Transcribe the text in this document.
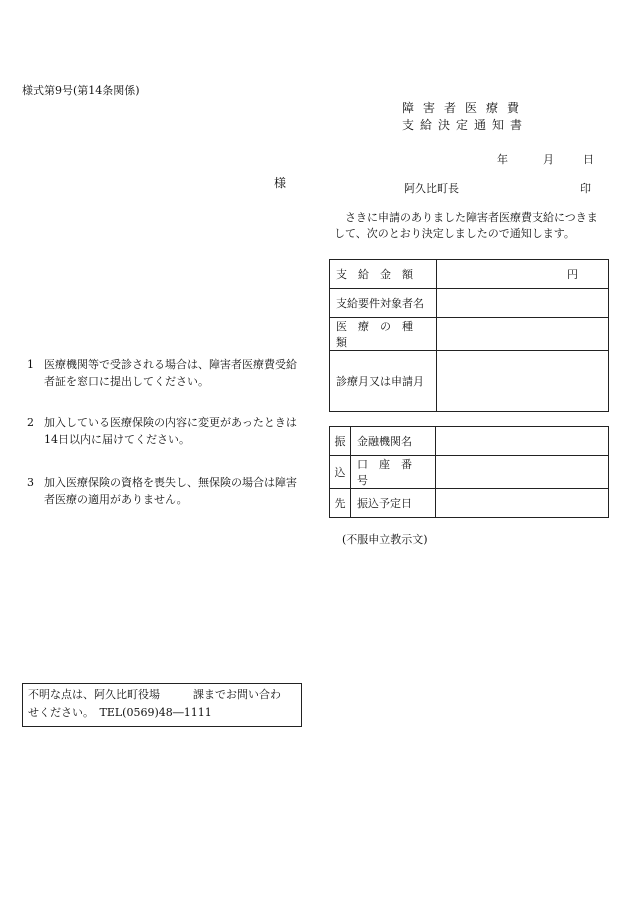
様式第9号(第14条関係)
障害者医療費
支給決定通知書
年	月	日
様	阿久比町長	印
さきに申請のありました障害者医療費支給につきまして、次のとおり決定しましたので通知します。
支　給　金　額	円
支給要件対象者名	
医　療　の　種　類	
診療月又は申請月	
振	金融機関名	
込	口　座　番　号	
先	振込予定日	
(不服申立教示文)
1 医療機関等で受診される場合は、障害者医療費受給者証を窓口に提出してください。
2 加入している医療保険の内容に変更があったときは14日以内に届けてください。
3 加入医療保険の資格を喪失し、無保険の場合は障害者医療の適用がありません。
不明な点は、阿久比町役場　　　課までお問い合わ
せください。　TEL(0569)48―1111
